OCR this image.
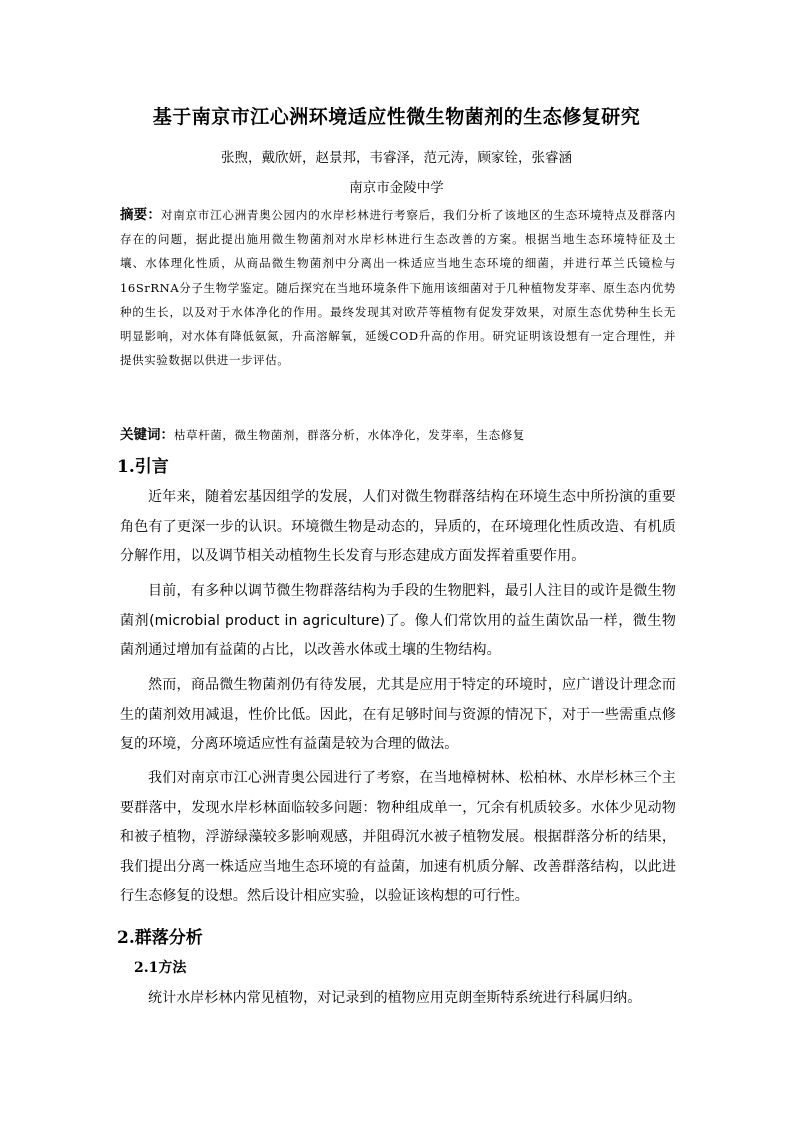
基于南京市江心洲环境适应性微生物菌剂的生态修复研究
张煦，戴欣妍，赵景邦，韦睿泽，范元涛，顾家铨，张睿涵
南京市金陵中学

摘要：对南京市江心洲青奥公园内的水岸杉林进行考察后，我们分析了该地区的生态环境特点及群落内存在的问题，据此提出施用微生物菌剂对水岸杉林进行生态改善的方案。根据当地生态环境特征及土壤、水体理化性质，从商品微生物菌剂中分离出一株适应当地生态环境的细菌，并进行革兰氏镜检与16SrRNA分子生物学鉴定。随后探究在当地环境条件下施用该细菌对于几种植物发芽率、原生态内优势种的生长，以及对于水体净化的作用。最终发现其对欧芹等植物有促发芽效果，对原生态优势种生长无明显影响，对水体有降低氨氮，升高溶解氧，延缓COD升高的作用。研究证明该设想有一定合理性，并提供实验数据以供进一步评估。

关键词：枯草杆菌，微生物菌剂，群落分析，水体净化，发芽率，生态修复

1.引言

近年来，随着宏基因组学的发展，人们对微生物群落结构在环境生态中所扮演的重要角色有了更深一步的认识。环境微生物是动态的，异质的，在环境理化性质改造、有机质分解作用，以及调节相关动植物生长发育与形态建成方面发挥着重要作用。

目前，有多种以调节微生物群落结构为手段的生物肥料，最引人注目的或许是微生物菌剂(microbial product in agriculture)了。像人们常饮用的益生菌饮品一样，微生物菌剂通过增加有益菌的占比，以改善水体或土壤的生物结构。

然而，商品微生物菌剂仍有待发展，尤其是应用于特定的环境时，应广谱设计理念而生的菌剂效用减退，性价比低。因此，在有足够时间与资源的情况下，对于一些需重点修复的环境，分离环境适应性有益菌是较为合理的做法。

我们对南京市江心洲青奥公园进行了考察，在当地樟树林、松柏林、水岸杉林三个主要群落中，发现水岸杉林面临较多问题：物种组成单一，冗余有机质较多。水体少见动物和被子植物，浮游绿藻较多影响观感，并阻碍沉水被子植物发展。根据群落分析的结果，我们提出分离一株适应当地生态环境的有益菌，加速有机质分解、改善群落结构，以此进行生态修复的设想。然后设计相应实验，以验证该构想的可行性。

2.群落分析
2.1方法

统计水岸杉林内常见植物，对记录到的植物应用克朗奎斯特系统进行科属归纳。
